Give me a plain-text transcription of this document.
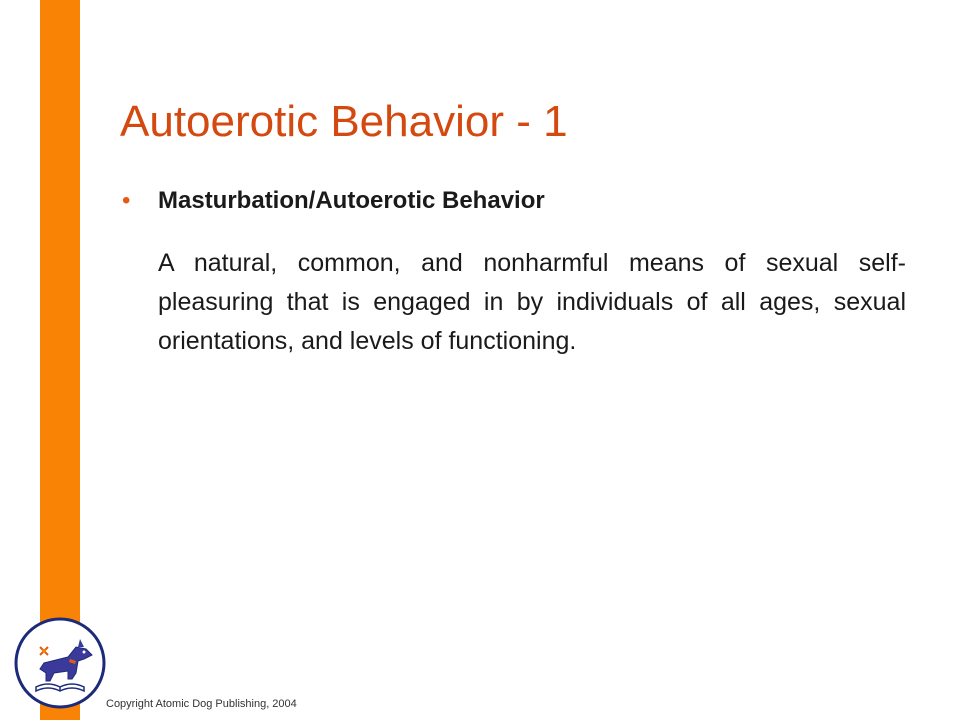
Autoerotic Behavior - 1
• Masturbation/Autoerotic Behavior

A natural, common, and nonharmful means of sexual self-pleasuring that is engaged in by individuals of all ages, sexual orientations, and levels of functioning.

Copyright Atomic Dog Publishing, 2004
